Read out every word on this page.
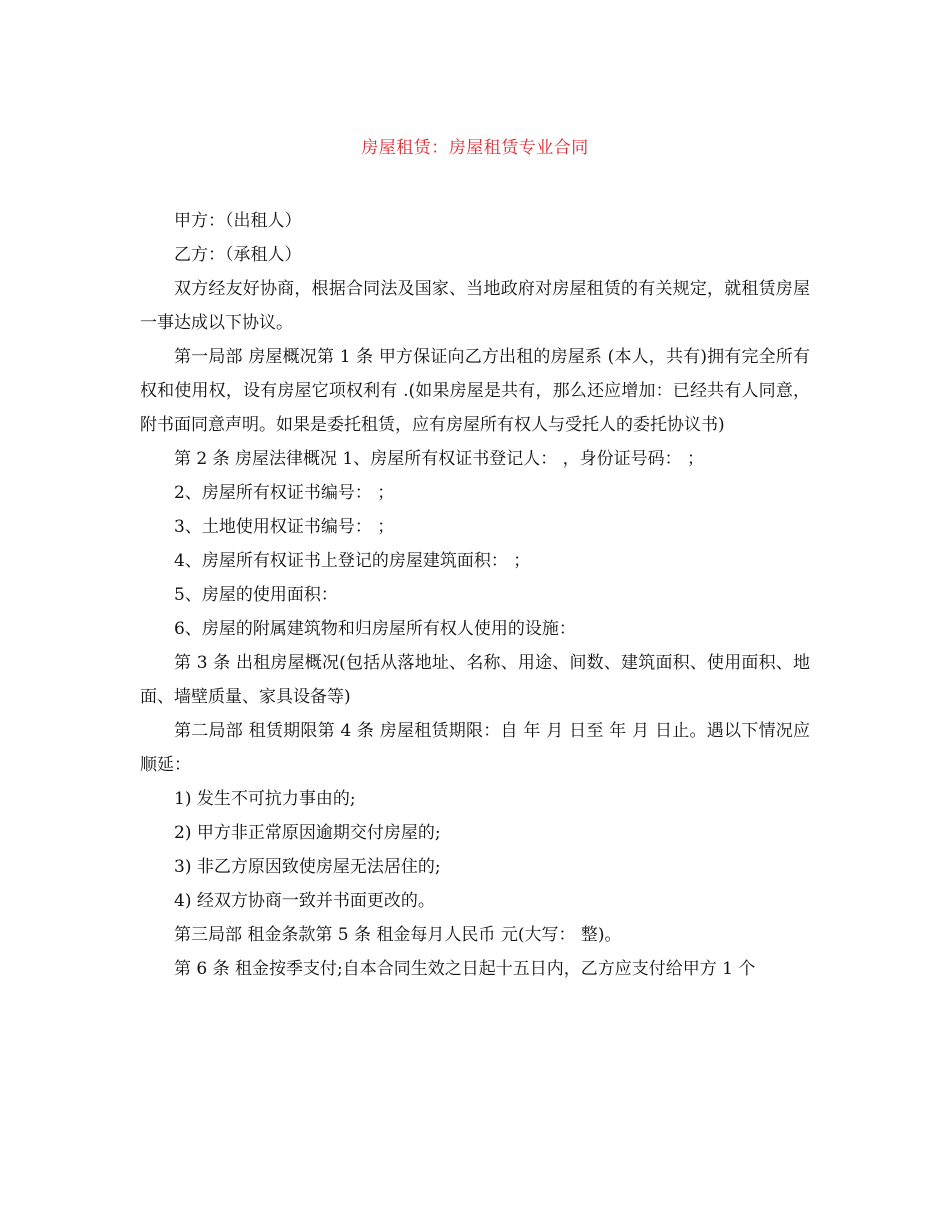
房屋租赁：房屋租赁专业合同

甲方：（出租人）

乙方：（承租人）

双方经友好协商，根据合同法及国家、当地政府对房屋租赁的有关规定，就租赁房屋一事达成以下协议。

第一局部 房屋概况第 1 条 甲方保证向乙方出租的房屋系 (本人，共有)拥有完全所有权和使用权，设有房屋它项权利有 .(如果房屋是共有，那么还应增加：已经共有人同意，附书面同意声明。如果是委托租赁，应有房屋所有权人与受托人的委托协议书)

第 2 条 房屋法律概况 1、房屋所有权证书登记人： ，身份证号码： ；

2、房屋所有权证书编号： ；

3、土地使用权证书编号： ；

4、房屋所有权证书上登记的房屋建筑面积： ；

5、房屋的使用面积：

6、房屋的附属建筑物和归房屋所有权人使用的设施：

第 3 条 出租房屋概况(包括从落地址、名称、用途、间数、建筑面积、使用面积、地面、墙壁质量、家具设备等)

第二局部 租赁期限第 4 条 房屋租赁期限：自 年 月 日至 年 月 日止。遇以下情况应顺延：

1) 发生不可抗力事由的;

2) 甲方非正常原因逾期交付房屋的;

3) 非乙方原因致使房屋无法居住的;

4) 经双方协商一致并书面更改的。

第三局部 租金条款第 5 条 租金每月人民币 元(大写： 整)。

第 6 条 租金按季支付;自本合同生效之日起十五日内，乙方应支付给甲方 1 个
